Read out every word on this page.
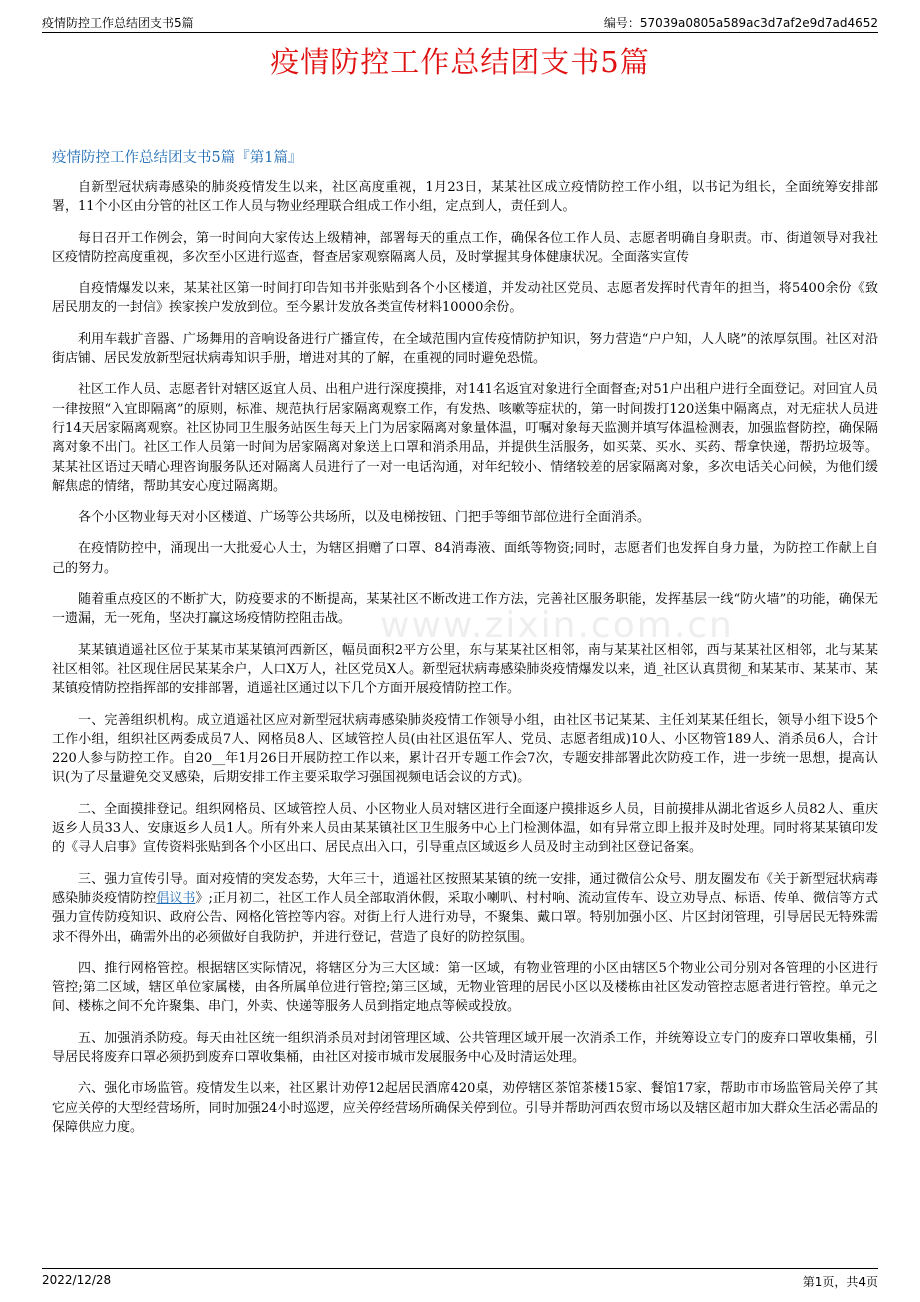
疫情防控工作总结团支书5篇	编号：57039a0805a589ac3d7af2e9d7ad4652
www.zixin.com.cn
疫情防控工作总结团支书5篇
疫情防控工作总结团支书5篇『第1篇』

自新型冠状病毒感染的肺炎疫情发生以来，社区高度重视，1月23日，某某社区成立疫情防控工作小组，以书记为组长，全面统筹安排部署，11个小区由分管的社区工作人员与物业经理联合组成工作小组，定点到人，责任到人。

每日召开工作例会，第一时间向大家传达上级精神，部署每天的重点工作，确保各位工作人员、志愿者明确自身职责。市、街道领导对我社区疫情防控高度重视，多次至小区进行巡查，督查居家观察隔离人员，及时掌握其身体健康状况。全面落实宣传

自疫情爆发以来，某某社区第一时间打印告知书并张贴到各个小区楼道，并发动社区党员、志愿者发挥时代青年的担当，将5400余份《致居民朋友的一封信》挨家挨户发放到位。至今累计发放各类宣传材料10000余份。

利用车载扩音器、广场舞用的音响设备进行广播宣传，在全域范围内宣传疫情防护知识，努力营造“户户知，人人晓”的浓厚氛围。社区对沿街店铺、居民发放新型冠状病毒知识手册，增进对其的了解，在重视的同时避免恐慌。

社区工作人员、志愿者针对辖区返宜人员、出租户进行深度摸排，对141名返宜对象进行全面督查;对51户出租户进行全面登记。对回宜人员一律按照“入宜即隔离”的原则，标准、规范执行居家隔离观察工作，有发热、咳嗽等症状的，第一时间拨打120送集中隔离点，对无症状人员进行14天居家隔离观察。社区协同卫生服务站医生每天上门为居家隔离对象量体温，叮嘱对象每天监测并填写体温检测表，加强监督防控，确保隔离对象不出门。社区工作人员第一时间为居家隔离对象送上口罩和消杀用品，并提供生活服务，如买菜、买水、买药、帮拿快递，帮扔垃圾等。某某社区语过天晴心理咨询服务队还对隔离人员进行了一对一电话沟通，对年纪较小、情绪较差的居家隔离对象，多次电话关心问候，为他们缓解焦虑的情绪，帮助其安心度过隔离期。

各个小区物业每天对小区楼道、广场等公共场所，以及电梯按钮、门把手等细节部位进行全面消杀。

在疫情防控中，涌现出一大批爱心人士，为辖区捐赠了口罩、84消毒液、面纸等物资;同时，志愿者们也发挥自身力量，为防控工作献上自己的努力。

随着重点疫区的不断扩大，防疫要求的不断提高，某某社区不断改进工作方法，完善社区服务职能，发挥基层一线“防火墙”的功能，确保无一遗漏，无一死角，坚决打赢这场疫情防控阻击战。

某某镇逍遥社区位于某某市某某镇河西新区，幅员面积2平方公里，东与某某社区相邻，南与某某社区相邻，西与某某社区相邻，北与某某社区相邻。社区现住居民某某余户，人口X万人，社区党员X人。新型冠状病毒感染肺炎疫情爆发以来，逍_社区认真贯彻_和某某市、某某市、某某镇疫情防控指挥部的安排部署，逍遥社区通过以下几个方面开展疫情防控工作。

一、完善组织机构。成立逍遥社区应对新型冠状病毒感染肺炎疫情工作领导小组，由社区书记某某、主任刘某某任组长，领导小组下设5个工作小组，组织社区两委成员7人、网格员8人、区域管控人员(由社区退伍军人、党员、志愿者组成)10人、小区物管189人、消杀员6人，合计220人参与防控工作。自20__年1月26日开展防控工作以来，累计召开专题工作会7次，专题安排部署此次防疫工作，进一步统一思想，提高认识(为了尽量避免交叉感染，后期安排工作主要采取学习强国视频电话会议的方式)。

二、全面摸排登记。组织网格员、区域管控人员、小区物业人员对辖区进行全面逐户摸排返乡人员，目前摸排从湖北省返乡人员82人、重庆返乡人员33人、安康返乡人员1人。所有外来人员由某某镇社区卫生服务中心上门检测体温，如有异常立即上报并及时处理。同时将某某镇印发的《寻人启事》宣传资料张贴到各个小区出口、居民点出入口，引导重点区域返乡人员及时主动到社区登记备案。

三、强力宣传引导。面对疫情的突发态势，大年三十，逍遥社区按照某某镇的统一安排，通过微信公众号、朋友圈发布《关于新型冠状病毒感染肺炎疫情防控倡议书》;正月初二，社区工作人员全部取消休假，采取小喇叭、村村响、流动宣传车、设立劝导点、标语、传单、微信等方式强力宣传防疫知识、政府公告、网格化管控等内容。对街上行人进行劝导，不聚集、戴口罩。特别加强小区、片区封闭管理，引导居民无特殊需求不得外出，确需外出的必须做好自我防护，并进行登记，营造了良好的防控氛围。

四、推行网格管控。根据辖区实际情况，将辖区分为三大区域：第一区域，有物业管理的小区由辖区5个物业公司分别对各管理的小区进行管控;第二区域，辖区单位家属楼，由各所属单位进行管控;第三区域，无物业管理的居民小区以及楼栋由社区发动管控志愿者进行管控。单元之间、楼栋之间不允许聚集、串门，外卖、快递等服务人员到指定地点等候或投放。

五、加强消杀防疫。每天由社区统一组织消杀员对封闭管理区域、公共管理区域开展一次消杀工作，并统筹设立专门的废弃口罩收集桶，引导居民将废弃口罩必须扔到废弃口罩收集桶，由社区对接市城市发展服务中心及时清运处理。

六、强化市场监管。疫情发生以来，社区累计劝停12起居民酒席420桌，劝停辖区茶馆茶楼15家、餐馆17家，帮助市市场监管局关停了其它应关停的大型经营场所，同时加强24小时巡逻，应关停经营场所确保关停到位。引导并帮助河西农贸市场以及辖区超市加大群众生活必需品的保障供应力度。

2022/12/28	第1页，共4页
